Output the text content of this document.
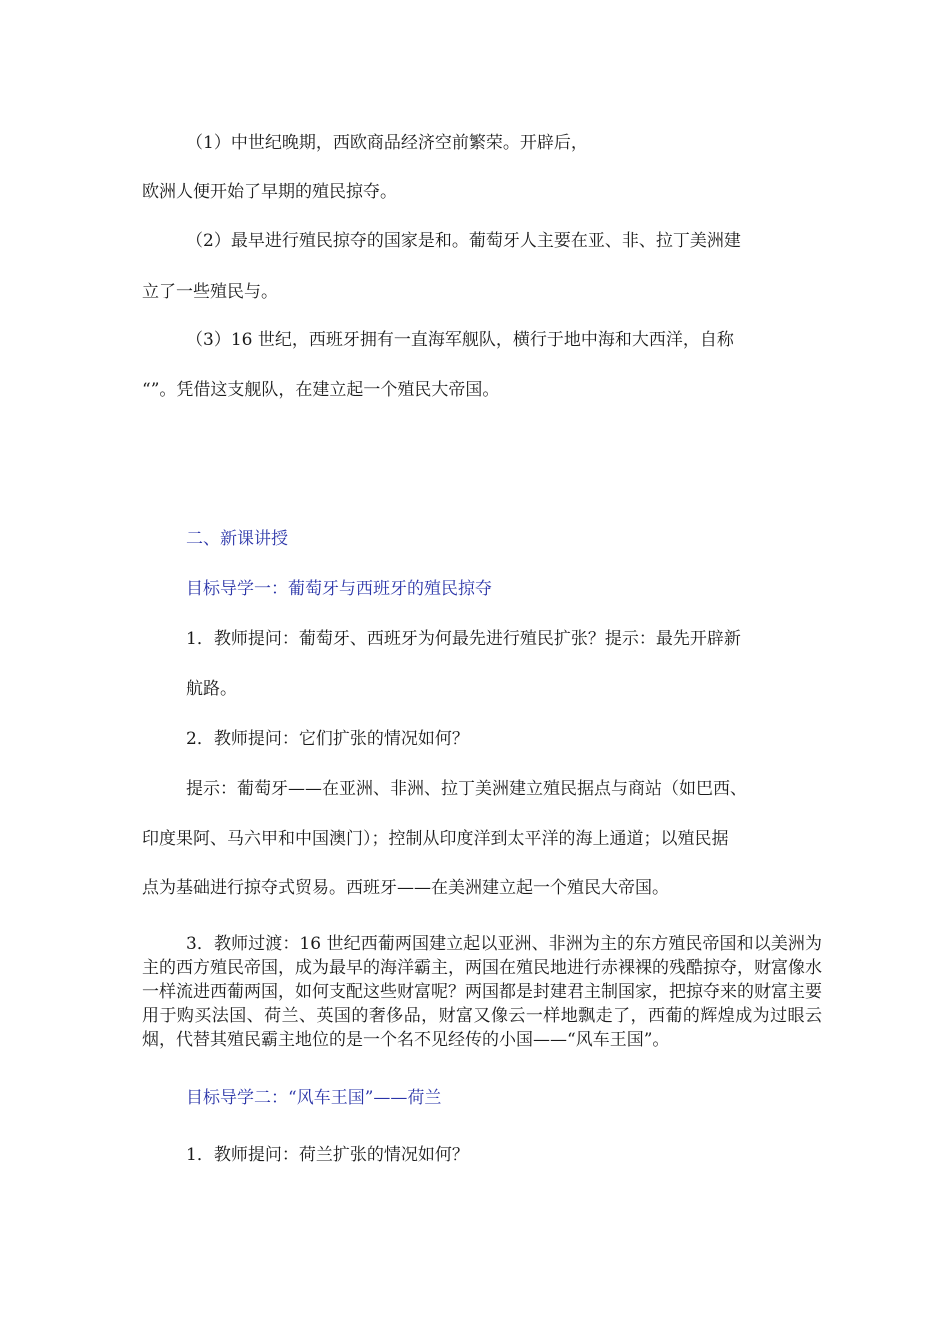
（1）中世纪晚期，西欧商品经济空前繁荣。开辟后，
欧洲人便开始了早期的殖民掠夺。
（2）最早进行殖民掠夺的国家是和。葡萄牙人主要在亚、非、拉丁美洲建
立了一些殖民与。
（3）16 世纪，西班牙拥有一直海军舰队，横行于地中海和大西洋，自称
“”。凭借这支舰队，在建立起一个殖民大帝国。
二、新课讲授
目标导学一：葡萄牙与西班牙的殖民掠夺
1．教师提问：葡萄牙、西班牙为何最先进行殖民扩张？提示：最先开辟新
航路。
2．教师提问：它们扩张的情况如何？
提示：葡萄牙——在亚洲、非洲、拉丁美洲建立殖民据点与商站（如巴西、
印度果阿、马六甲和中国澳门）；控制从印度洋到太平洋的海上通道；以殖民据
点为基础进行掠夺式贸易。西班牙——在美洲建立起一个殖民大帝国。
3．教师过渡：16 世纪西葡两国建立起以亚洲、非洲为主的东方殖民帝国和以美洲为主的西方殖民帝国，成为最早的海洋霸主，两国在殖民地进行赤裸裸的残酷掠夺，财富像水一样流进西葡两国，如何支配这些财富呢？两国都是封建君主制国家，把掠夺来的财富主要用于购买法国、荷兰、英国的奢侈品，财富又像云一样地飘走了，西葡的辉煌成为过眼云烟，代替其殖民霸主地位的是一个名不见经传的小国——“风车王国”。
目标导学二：“风车王国”——荷兰
1．教师提问：荷兰扩张的情况如何？
